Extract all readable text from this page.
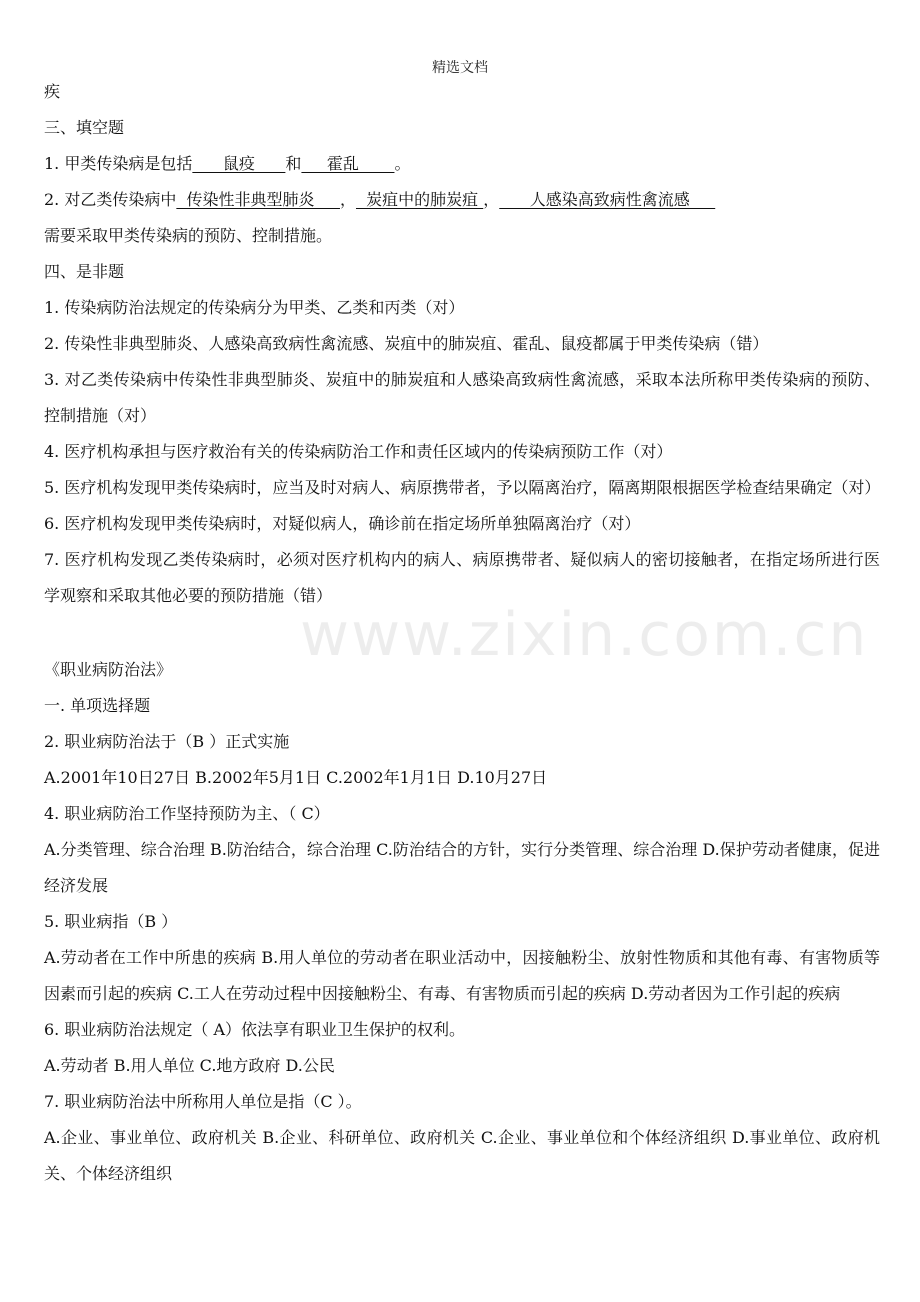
精选文档
www.zixin.com.cn
疾
三、填空题
1. 甲类传染病是包括      鼠疫      和     霍乱       。
2. 对乙类传染病中  传染性非典型肺炎     ，  炭疽中的肺炭疽 ，      人感染高致病性禽流感
需要采取甲类传染病的预防、控制措施。
四、是非题
1. 传染病防治法规定的传染病分为甲类、乙类和丙类（对）
2. 传染性非典型肺炎、人感染高致病性禽流感、炭疽中的肺炭疽、霍乱、鼠疫都属于甲类传染病（错）
3. 对乙类传染病中传染性非典型肺炎、炭疽中的肺炭疽和人感染高致病性禽流感，采取本法所称甲类传染病的预防、控制措施（对）
4. 医疗机构承担与医疗救治有关的传染病防治工作和责任区域内的传染病预防工作（对）
5. 医疗机构发现甲类传染病时，应当及时对病人、病原携带者，予以隔离治疗，隔离期限根据医学检查结果确定（对）
6. 医疗机构发现甲类传染病时，对疑似病人，确诊前在指定场所单独隔离治疗（对）
7. 医疗机构发现乙类传染病时，必须对医疗机构内的病人、病原携带者、疑似病人的密切接触者，在指定场所进行医学观察和采取其他必要的预防措施（错）
《职业病防治法》
一. 单项选择题
2. 职业病防治法于（B ）正式实施
A.2001年10日27日 B.2002年5月1日 C.2002年1月1日 D.10月27日
4. 职业病防治工作坚持预防为主、（ C）
A.分类管理、综合治理 B.防治结合，综合治理 C.防治结合的方针，实行分类管理、综合治理 D.保护劳动者健康，促进经济发展
5. 职业病指（B ）
A.劳动者在工作中所患的疾病 B.用人单位的劳动者在职业活动中，因接触粉尘、放射性物质和其他有毒、有害物质等因素而引起的疾病 C.工人在劳动过程中因接触粉尘、有毒、有害物质而引起的疾病 D.劳动者因为工作引起的疾病
6. 职业病防治法规定（ A）依法享有职业卫生保护的权利。
A.劳动者 B.用人单位 C.地方政府 D.公民
7. 职业病防治法中所称用人单位是指（C ）。
A.企业、事业单位、政府机关 B.企业、科研单位、政府机关 C.企业、事业单位和个体经济组织 D.事业单位、政府机关、个体经济组织
